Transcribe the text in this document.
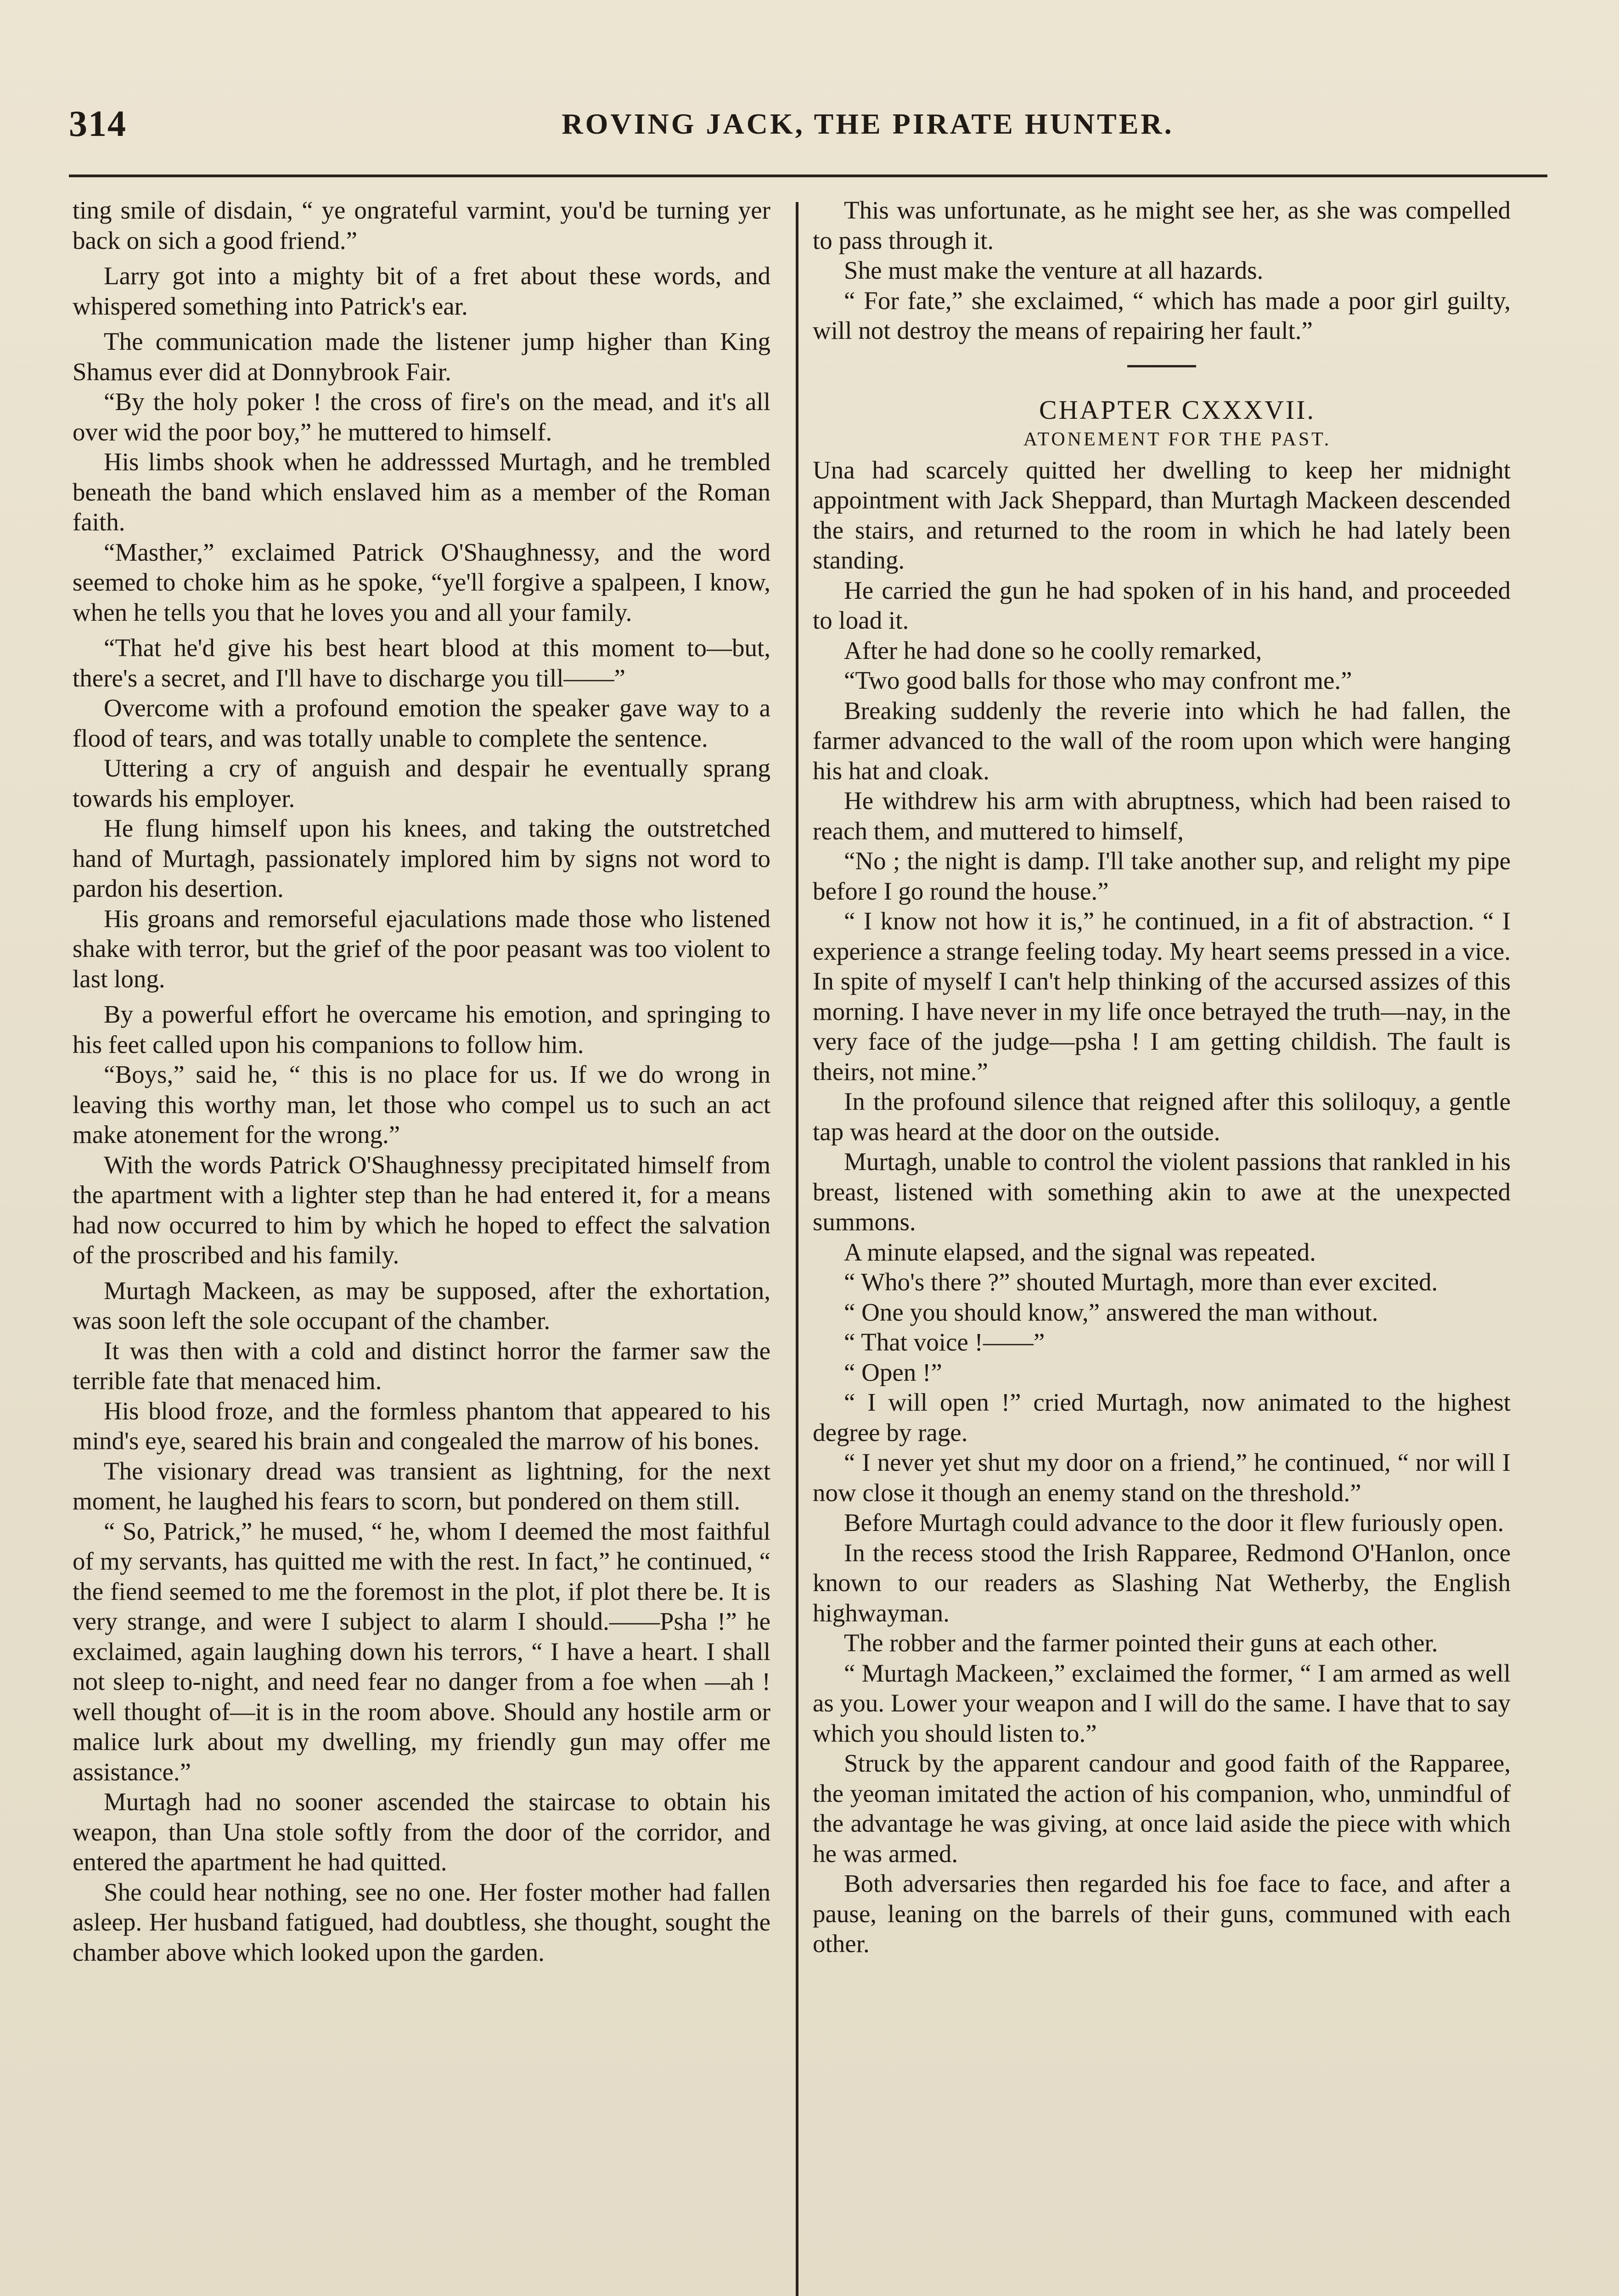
314	ROVING JACK, THE PIRATE HUNTER.

ting smile of disdain, “ ye ongrateful varmint, you'd be turning yer back on sich a good friend.”

Larry got into a mighty bit of a fret about these words, and whispered something into Patrick's ear.

The communication made the listener jump higher than King Shamus ever did at Donnybrook Fair.

“By the holy poker ! the cross of fire's on the mead, and it's all over wid the poor boy,” he muttered to himself.

His limbs shook when he addresssed Murtagh, and he trembled beneath the band which enslaved him as a member of the Roman faith.

“Masther,” exclaimed Patrick O'Shaughnessy, and the word seemed to choke him as he spoke, “ye'll forgive a spalpeen, I know, when he tells you that he loves you and all your family.

“That he'd give his best heart blood at this moment to—but, there's a secret, and I'll have to discharge you till——”

Overcome with a profound emotion the speaker gave way to a flood of tears, and was totally unable to complete the sentence.

Uttering a cry of anguish and despair he eventually sprang towards his employer.

He flung himself upon his knees, and taking the outstretched hand of Murtagh, passionately implored him by signs not word to pardon his desertion.

His groans and remorseful ejaculations made those who listened shake with terror, but the grief of the poor peasant was too violent to last long.

By a powerful effort he overcame his emotion, and springing to his feet called upon his companions to follow him.

“Boys,” said he, “ this is no place for us. If we do wrong in leaving this worthy man, let those who compel us to such an act make atonement for the wrong.”

With the words Patrick O'Shaughnessy precipitated himself from the apartment with a lighter step than he had entered it, for a means had now occurred to him by which he hoped to effect the salvation of the proscribed and his family.

Murtagh Mackeen, as may be supposed, after the exhortation, was soon left the sole occupant of the chamber.

It was then with a cold and distinct horror the farmer saw the terrible fate that menaced him.

His blood froze, and the formless phantom that appeared to his mind's eye, seared his brain and congealed the marrow of his bones.

The visionary dread was transient as lightning, for the next moment, he laughed his fears to scorn, but pondered on them still.

“ So, Patrick,” he mused, “ he, whom I deemed the most faithful of my servants, has quitted me with the rest. In fact,” he continued, “ the fiend seemed to me the foremost in the plot, if plot there be. It is very strange, and were I subject to alarm I should.——Psha !” he exclaimed, again laughing down his terrors, “ I have a heart. I shall not sleep to-night, and need fear no danger from a foe when —ah ! well thought of—it is in the room above. Should any hostile arm or malice lurk about my dwelling, my friendly gun may offer me assistance.”

Murtagh had no sooner ascended the staircase to obtain his weapon, than Una stole softly from the door of the corridor, and entered the apartment he had quitted.

She could hear nothing, see no one. Her foster mother had fallen asleep. Her husband fatigued, had doubtless, she thought, sought the chamber above which looked upon the garden.

This was unfortunate, as he might see her, as she was compelled to pass through it.

She must make the venture at all hazards.

“ For fate,” she exclaimed, “ which has made a poor girl guilty, will not destroy the means of repairing her fault.”

CHAPTER CXXXVII.

ATONEMENT FOR THE PAST.

Una had scarcely quitted her dwelling to keep her midnight appointment with Jack Sheppard, than Murtagh Mackeen descended the stairs, and returned to the room in which he had lately been standing.

He carried the gun he had spoken of in his hand, and proceeded to load it.

After he had done so he coolly remarked,

“Two good balls for those who may confront me.”

Breaking suddenly the reverie into which he had fallen, the farmer advanced to the wall of the room upon which were hanging his hat and cloak.

He withdrew his arm with abruptness, which had been raised to reach them, and muttered to himself,

“No ; the night is damp. I'll take another sup, and relight my pipe before I go round the house.”

“ I know not how it is,” he continued, in a fit of abstraction. “ I experience a strange feeling today. My heart seems pressed in a vice. In spite of myself I can't help thinking of the accursed assizes of this morning. I have never in my life once betrayed the truth—nay, in the very face of the judge—psha ! I am getting childish. The fault is theirs, not mine.”

In the profound silence that reigned after this soliloquy, a gentle tap was heard at the door on the outside.

Murtagh, unable to control the violent passions that rankled in his breast, listened with something akin to awe at the unexpected summons.

A minute elapsed, and the signal was repeated.

“ Who's there ?” shouted Murtagh, more than ever excited.

“ One you should know,” answered the man without.

“ That voice !——”

“ Open !”

“ I will open !” cried Murtagh, now animated to the highest degree by rage.

“ I never yet shut my door on a friend,” he continued, “ nor will I now close it though an enemy stand on the threshold.”

Before Murtagh could advance to the door it flew furiously open.

In the recess stood the Irish Rapparee, Redmond O'Hanlon, once known to our readers as Slashing Nat Wetherby, the English highwayman.

The robber and the farmer pointed their guns at each other.

“ Murtagh Mackeen,” exclaimed the former, “ I am armed as well as you. Lower your weapon and I will do the same. I have that to say which you should listen to.”

Struck by the apparent candour and good faith of the Rapparee, the yeoman imitated the action of his companion, who, unmindful of the advantage he was giving, at once laid aside the piece with which he was armed.

Both adversaries then regarded his foe face to face, and after a pause, leaning on the barrels of their guns, communed with each other.
